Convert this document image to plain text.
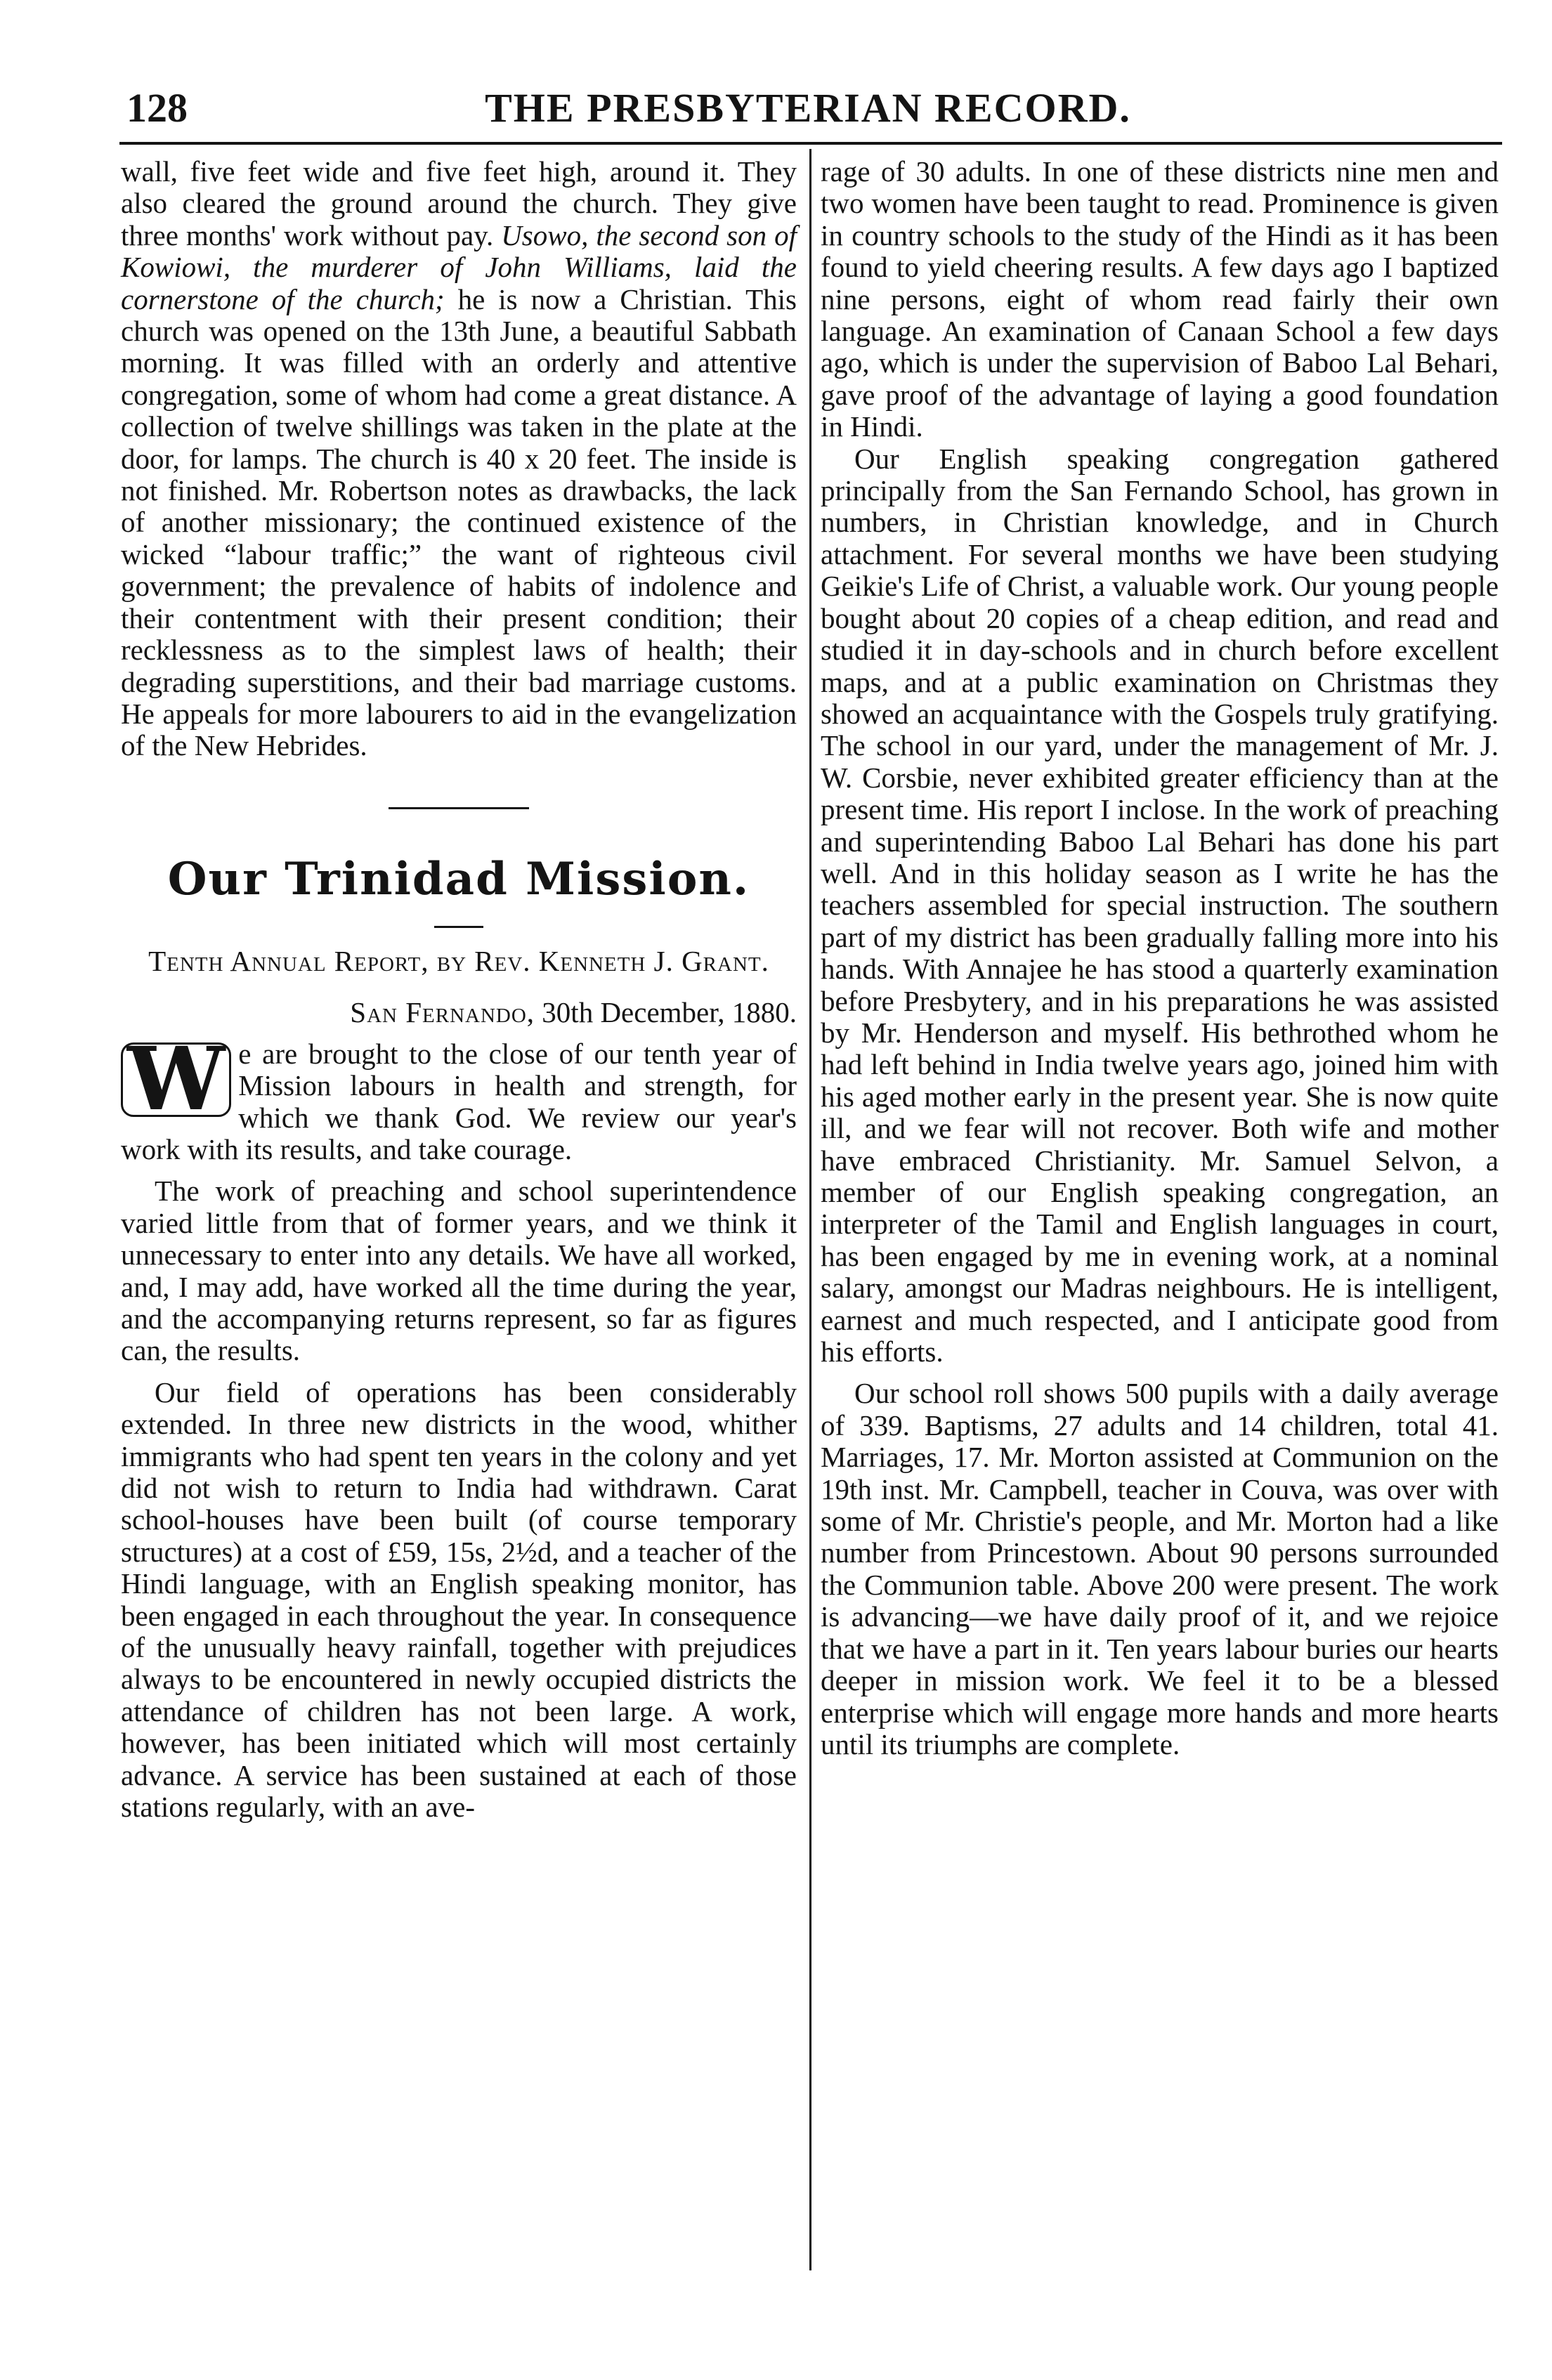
128	THE PRESBYTERIAN RECORD.

wall, five feet wide and five feet high, around it. They also cleared the ground around the church. They give three months' work without pay. Usowo, the second son of Kowiowi, the murderer of John Williams, laid the cornerstone of the church; he is now a Christian. This church was opened on the 13th June, a beautiful Sabbath morning. It was filled with an orderly and attentive congregation, some of whom had come a great distance. A collection of twelve shillings was taken in the plate at the door, for lamps. The church is 40 x 20 feet. The inside is not finished. Mr. Robertson notes as drawbacks, the lack of another missionary; the continued existence of the wicked “labour traffic;” the want of righteous civil government; the prevalence of habits of indolence and their contentment with their present condition; their recklessness as to the simplest laws of health; their degrading superstitions, and their bad marriage customs. He appeals for more labourers to aid in the evangelization of the New Hebrides.

Our Trinidad Mission.
Tenth Annual Report, by Rev. Kenneth J. Grant.
San Fernando, 30th December, 1880.

W e are brought to the close of our tenth year of Mission labours in health and strength, for which we thank God. We review our year's work with its results, and take courage.

The work of preaching and school superintendence varied little from that of former years, and we think it unnecessary to enter into any details. We have all worked, and, I may add, have worked all the time during the year, and the accompanying returns represent, so far as figures can, the results.

Our field of operations has been considerably extended. In three new districts in the wood, whither immigrants who had spent ten years in the colony and yet did not wish to return to India had withdrawn. Carat school-houses have been built (of course temporary structures) at a cost of £59, 15s, 2½d, and a teacher of the Hindi language, with an English speaking monitor, has been engaged in each throughout the year. In consequence of the unusually heavy rainfall, together with prejudices always to be encountered in newly occupied districts the attendance of children has not been large. A work, however, has been initiated which will most certainly advance. A service has been sustained at each of those stations regularly, with an ave-

rage of 30 adults. In one of these districts nine men and two women have been taught to read. Prominence is given in country schools to the study of the Hindi as it has been found to yield cheering results. A few days ago I baptized nine persons, eight of whom read fairly their own language. An examination of Canaan School a few days ago, which is under the supervision of Baboo Lal Behari, gave proof of the advantage of laying a good foundation in Hindi.

Our English speaking congregation gathered principally from the San Fernando School, has grown in numbers, in Christian knowledge, and in Church attachment. For several months we have been studying Geikie's Life of Christ, a valuable work. Our young people bought about 20 copies of a cheap edition, and read and studied it in day-schools and in church before excellent maps, and at a public examination on Christmas they showed an acquaintance with the Gospels truly gratifying. The school in our yard, under the management of Mr. J. W. Corsbie, never exhibited greater efficiency than at the present time. His report I inclose. In the work of preaching and superintending Baboo Lal Behari has done his part well. And in this holiday season as I write he has the teachers assembled for special instruction. The southern part of my district has been gradually falling more into his hands. With Annajee he has stood a quarterly examination before Presbytery, and in his preparations he was assisted by Mr. Henderson and myself. His bethrothed whom he had left behind in India twelve years ago, joined him with his aged mother early in the present year. She is now quite ill, and we fear will not recover. Both wife and mother have embraced Christianity. Mr. Samuel Selvon, a member of our English speaking congregation, an interpreter of the Tamil and English languages in court, has been engaged by me in evening work, at a nominal salary, amongst our Madras neighbours. He is intelligent, earnest and much respected, and I anticipate good from his efforts.

Our school roll shows 500 pupils with a daily average of 339. Baptisms, 27 adults and 14 children, total 41. Marriages, 17. Mr. Morton assisted at Communion on the 19th inst. Mr. Campbell, teacher in Couva, was over with some of Mr. Christie's people, and Mr. Morton had a like number from Princestown. About 90 persons surrounded the Communion table. Above 200 were present. The work is advancing—we have daily proof of it, and we rejoice that we have a part in it. Ten years labour buries our hearts deeper in mission work. We feel it to be a blessed enterprise which will engage more hands and more hearts until its triumphs are complete.
